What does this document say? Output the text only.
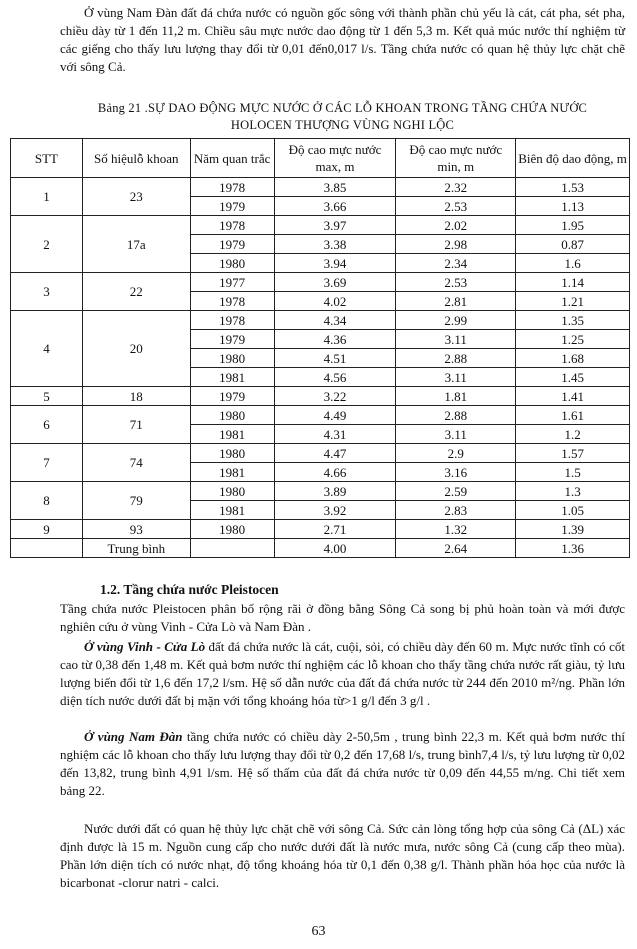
Ở vùng Nam Đàn đất đá chứa nước có nguồn gốc sông với thành phần chủ yếu là cát, cát pha, sét pha, chiều dày từ 1 đến 11,2 m. Chiều sâu mực nước dao động từ 1 đến 5,3 m. Kết quả múc nước thí nghiệm từ các giếng cho thấy lưu lượng thay đổi từ 0,01 đến0,017 l/s. Tầng chứa nước có quan hệ thủy lực chặt chẽ với sông Cả.

Bảng 21 .SỰ DAO ĐỘNG MỰC NƯỚC Ở CÁC LỖ KHOAN TRONG TẦNG CHỨA NƯỚC
HOLOCEN THƯỢNG VÙNG NGHI LỘC
STT	Số hiệulỗ khoan	Năm quan trắc	Độ cao mực nước max, m	Độ cao mực nước min, m	Biên độ dao động, m
1	23	1978	3.85	2.32	1.53
		1979	3.66	2.53	1.13
2	17a	1978	3.97	2.02	1.95
		1979	3.38	2.98	0.87
		1980	3.94	2.34	1.6
3	22	1977	3.69	2.53	1.14
		1978	4.02	2.81	1.21
4	20	1978	4.34	2.99	1.35
		1979	4.36	3.11	1.25
		1980	4.51	2.88	1.68
		1981	4.56	3.11	1.45
5	18	1979	3.22	1.81	1.41
6	71	1980	4.49	2.88	1.61
		1981	4.31	3.11	1.2
7	74	1980	4.47	2.9	1.57
		1981	4.66	3.16	1.5
8	79	1980	3.89	2.59	1.3
		1981	3.92	2.83	1.05
9	93	1980	2.71	1.32	1.39
	Trung bình		4.00	2.64	1.36
1.2. Tầng chứa nước Pleistocen

Tầng chứa nước Pleistocen phân bố rộng rãi ở đồng bằng Sông Cả song bị phủ hoàn toàn và mới được nghiên cứu ở vùng Vinh - Cửa Lò và Nam Đàn .

Ở vùng Vinh - Cửa Lò đất đá chứa nước là cát, cuội, sỏi, có chiều dày đến 60 m. Mực nước tĩnh có cốt cao từ 0,38 đến 1,48 m. Kết quả bơm nước thí nghiệm các lỗ khoan cho thấy tầng chứa nước rất giàu, tỷ lưu lượng biến đổi từ 1,6 đến 17,2 l/sm. Hệ số dẫn nước của đất đá chứa nước từ 244 đến 2010 m²/ng. Phần lớn diện tích nước dưới đất bị mặn với tổng khoáng hóa từ>1 g/l đến 3 g/l .

Ở vùng Nam Đàn tầng chứa nước có chiều dày 2-50,5m , trung bình 22,3 m. Kết quả bơm nước thí nghiệm các lỗ khoan cho thấy lưu lượng thay đổi từ 0,2 đến 17,68 l/s, trung bình7,4 l/s, tỷ lưu lượng từ 0,02 đến 13,82, trung bình 4,91 l/sm. Hệ số thấm của đất đá chứa nước từ 0,09 đến 44,55 m/ng. Chi tiết xem bảng 22.

Nước dưới đất có quan hệ thủy lực chặt chẽ với sông Cả. Sức cản lòng tổng hợp của sông Cả (ΔL) xác định được là 15 m. Nguồn cung cấp cho nước dưới đất là nước mưa, nước sông Cả (cung cấp theo mùa). Phần lớn diện tích có nước nhạt, độ tổng khoáng hóa từ 0,1 đến 0,38 g/l. Thành phần hóa học của nước là bicarbonat -clorur natri - calci.

63
